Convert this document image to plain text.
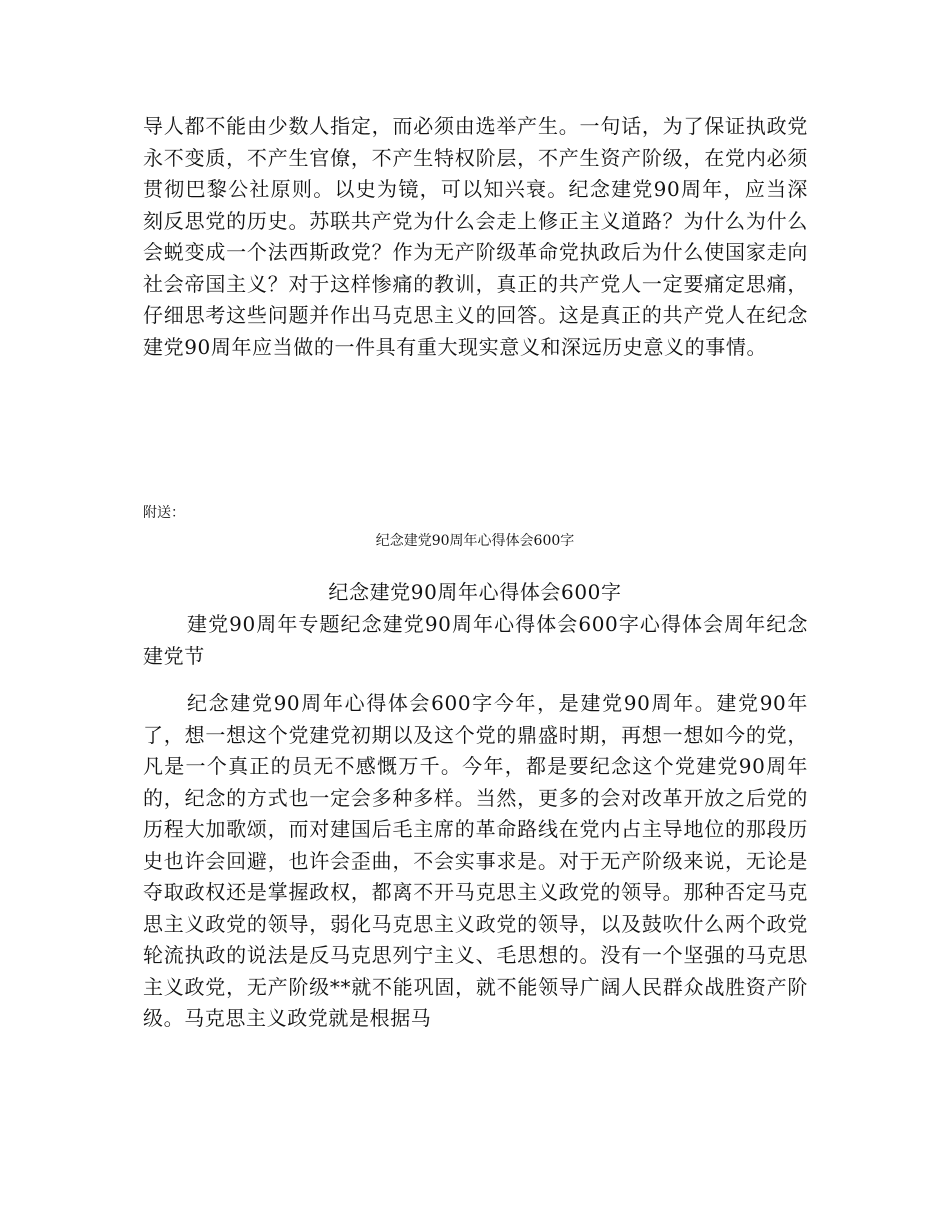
导人都不能由少数人指定，而必须由选举产生。一句话，为了保证执政党永不变质，不产生官僚，不产生特权阶层，不产生资产阶级，在党内必须贯彻巴黎公社原则。以史为镜，可以知兴衰。纪念建党90周年，应当深刻反思党的历史。苏联共产党为什么会走上修正主义道路？为什么为什么会蜕变成一个法西斯政党？作为无产阶级革命党执政后为什么使国家走向社会帝国主义？对于这样惨痛的教训，真正的共产党人一定要痛定思痛，仔细思考这些问题并作出马克思主义的回答。这是真正的共产党人在纪念建党90周年应当做的一件具有重大现实意义和深远历史意义的事情。

附送：

纪念建党90周年心得体会600字

纪念建党90周年心得体会600字

建党90周年专题纪念建党90周年心得体会600字心得体会周年纪念建党节

纪念建党90周年心得体会600字今年，是建党90周年。建党90年了，想一想这个党建党初期以及这个党的鼎盛时期，再想一想如今的党，凡是一个真正的员无不感慨万千。今年，都是要纪念这个党建党90周年的，纪念的方式也一定会多种多样。当然，更多的会对改革开放之后党的历程大加歌颂，而对建国后毛主席的革命路线在党内占主导地位的那段历史也许会回避，也许会歪曲，不会实事求是。对于无产阶级来说，无论是夺取政权还是掌握政权，都离不开马克思主义政党的领导。那种否定马克思主义政党的领导，弱化马克思主义政党的领导，以及鼓吹什么两个政党轮流执政的说法是反马克思列宁主义、毛思想的。没有一个坚强的马克思主义政党，无产阶级**就不能巩固，就不能领导广阔人民群众战胜资产阶级。马克思主义政党就是根据马
